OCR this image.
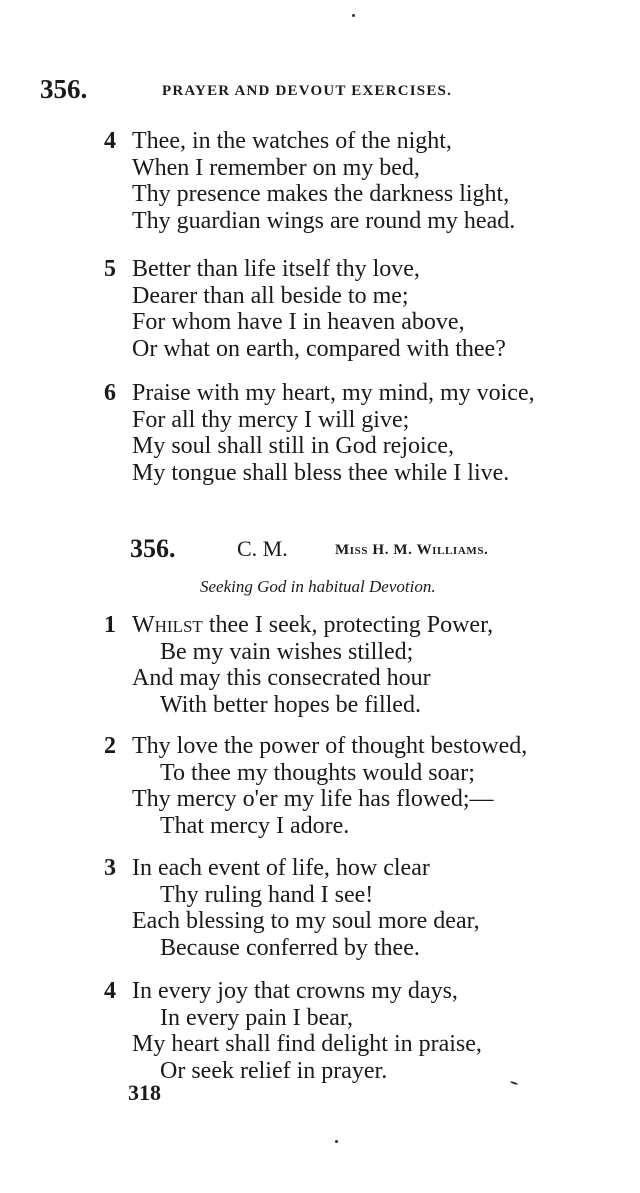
356.	PRAYER AND DEVOUT EXERCISES.
4 Thee, in the watches of the night,
When I remember on my bed,
Thy presence makes the darkness light,
Thy guardian wings are round my head.
5 Better than life itself thy love,
Dearer than all beside to me;
For whom have I in heaven above,
Or what on earth, compared with thee?
6 Praise with my heart, my mind, my voice,
For all thy mercy I will give;
My soul shall still in God rejoice,
My tongue shall bless thee while I live.
356.	C. M.	Miss H. M. Williams.
Seeking God in habitual Devotion.
1 Whilst thee I seek, protecting Power,
Be my vain wishes stilled;
And may this consecrated hour
With better hopes be filled.
2 Thy love the power of thought bestowed,
To thee my thoughts would soar;
Thy mercy o'er my life has flowed;—
That mercy I adore.
3 In each event of life, how clear
Thy ruling hand I see!
Each blessing to my soul more dear,
Because conferred by thee.
4 In every joy that crowns my days,
In every pain I bear,
My heart shall find delight in praise,
Or seek relief in prayer.
318
